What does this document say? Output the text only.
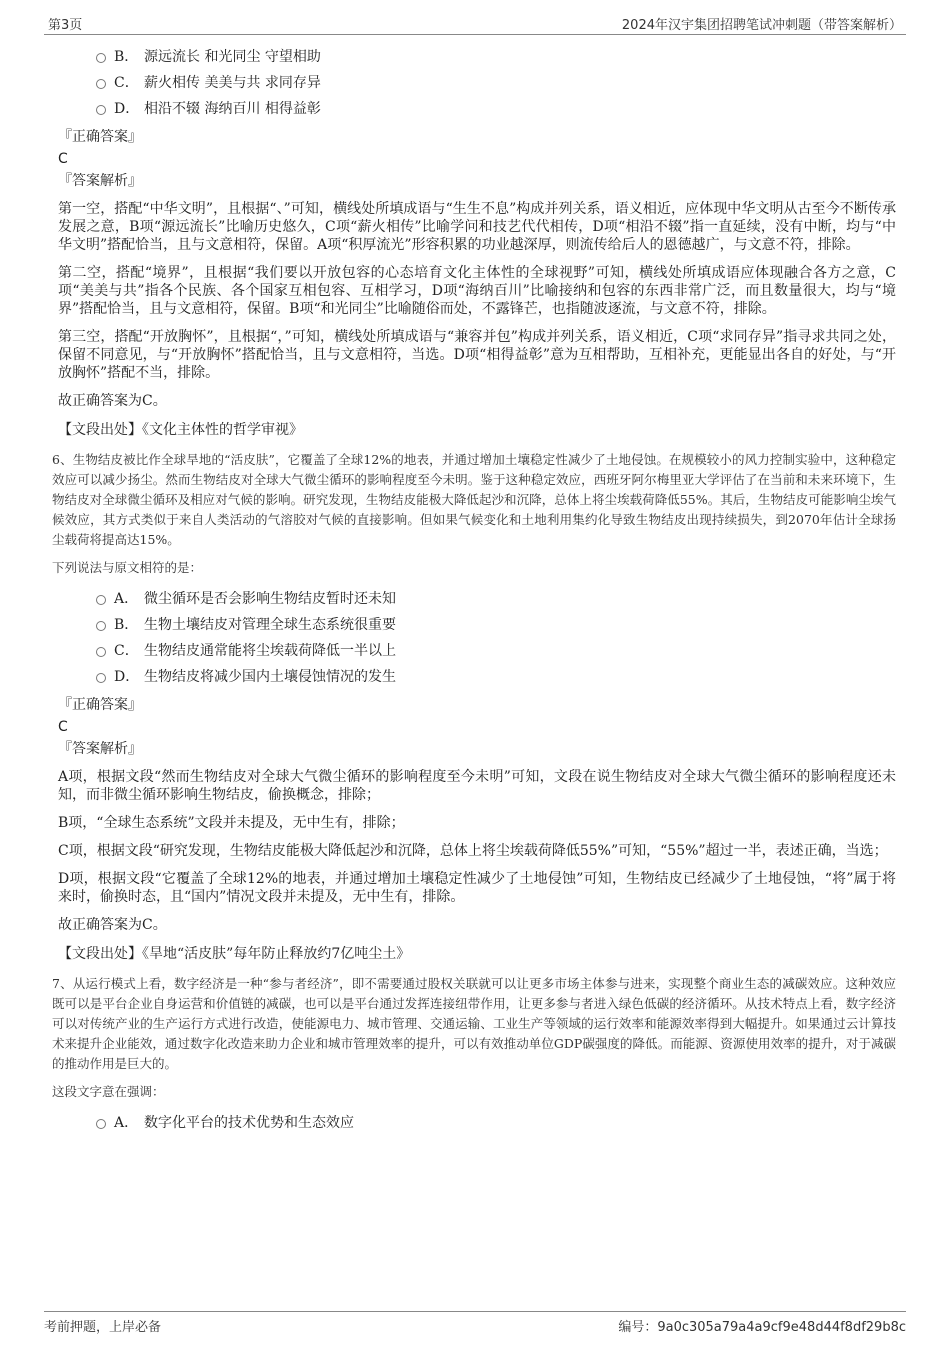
第3页	2024年汉宇集团招聘笔试冲刺题（带答案解析）
B． 源远流长 和光同尘 守望相助
C． 薪火相传 美美与共 求同存异
D． 相沿不辍 海纳百川 相得益彰
『正确答案』
C
『答案解析』
第一空，搭配“中华文明”，且根据“、”可知，横线处所填成语与“生生不息”构成并列关系，语义相近，应体现中华文明从古至今不断传承发展之意，B项“源远流长”比喻历史悠久，C项“薪火相传”比喻学问和技艺代代相传，D项“相沿不辍”指一直延续，没有中断，均与“中华文明”搭配恰当，且与文意相符，保留。A项“积厚流光”形容积累的功业越深厚，则流传给后人的恩德越广，与文意不符，排除。
第二空，搭配“境界”，且根据“我们要以开放包容的心态培育文化主体性的全球视野”可知，横线处所填成语应体现融合各方之意，C项“美美与共”指各个民族、各个国家互相包容、互相学习，D项“海纳百川”比喻接纳和包容的东西非常广泛，而且数量很大，均与“境界”搭配恰当，且与文意相符，保留。B项“和光同尘”比喻随俗而处，不露锋芒，也指随波逐流，与文意不符，排除。
第三空，搭配“开放胸怀”，且根据“，”可知，横线处所填成语与“兼容并包”构成并列关系，语义相近，C项“求同存异”指寻求共同之处，保留不同意见，与“开放胸怀”搭配恰当，且与文意相符，当选。D项“相得益彰”意为互相帮助，互相补充，更能显出各自的好处，与“开放胸怀”搭配不当，排除。
故正确答案为C。
【文段出处】《文化主体性的哲学审视》
6、生物结皮被比作全球旱地的“活皮肤”，它覆盖了全球12%的地表，并通过增加土壤稳定性减少了土地侵蚀。在规模较小的风力控制实验中，这种稳定效应可以减少扬尘。然而生物结皮对全球大气微尘循环的影响程度至今未明。鉴于这种稳定效应，西班牙阿尔梅里亚大学评估了在当前和未来环境下，生物结皮对全球微尘循环及相应对气候的影响。研究发现，生物结皮能极大降低起沙和沉降，总体上将尘埃载荷降低55%。其后，生物结皮可能影响尘埃气候效应，其方式类似于来自人类活动的气溶胶对气候的直接影响。但如果气候变化和土地利用集约化导致生物结皮出现持续损失，到2070年估计全球扬尘载荷将提高达15%。
下列说法与原文相符的是：
A． 微尘循环是否会影响生物结皮暂时还未知
B． 生物土壤结皮对管理全球生态系统很重要
C． 生物结皮通常能将尘埃载荷降低一半以上
D． 生物结皮将减少国内土壤侵蚀情况的发生
『正确答案』
C
『答案解析』
A项，根据文段“然而生物结皮对全球大气微尘循环的影响程度至今未明”可知，文段在说生物结皮对全球大气微尘循环的影响程度还未知，而非微尘循环影响生物结皮，偷换概念，排除；
B项，“全球生态系统”文段并未提及，无中生有，排除；
C项，根据文段“研究发现，生物结皮能极大降低起沙和沉降，总体上将尘埃载荷降低55%”可知，“55%”超过一半，表述正确，当选；
D项，根据文段“它覆盖了全球12%的地表，并通过增加土壤稳定性减少了土地侵蚀”可知，生物结皮已经减少了土地侵蚀，“将”属于将来时，偷换时态，且“国内”情况文段并未提及，无中生有，排除。
故正确答案为C。
【文段出处】《旱地“活皮肤”每年防止释放约7亿吨尘土》
7、从运行模式上看，数字经济是一种“参与者经济”，即不需要通过股权关联就可以让更多市场主体参与进来，实现整个商业生态的减碳效应。这种效应既可以是平台企业自身运营和价值链的减碳，也可以是平台通过发挥连接纽带作用，让更多参与者进入绿色低碳的经济循环。从技术特点上看，数字经济可以对传统产业的生产运行方式进行改造，使能源电力、城市管理、交通运输、工业生产等领域的运行效率和能源效率得到大幅提升。如果通过云计算技术来提升企业能效，通过数字化改造来助力企业和城市管理效率的提升，可以有效推动单位GDP碳强度的降低。而能源、资源使用效率的提升，对于减碳的推动作用是巨大的。
这段文字意在强调：
A． 数字化平台的技术优势和生态效应
考前押题，上岸必备	编号：9a0c305a79a4a9cf9e48d44f8df29b8c
